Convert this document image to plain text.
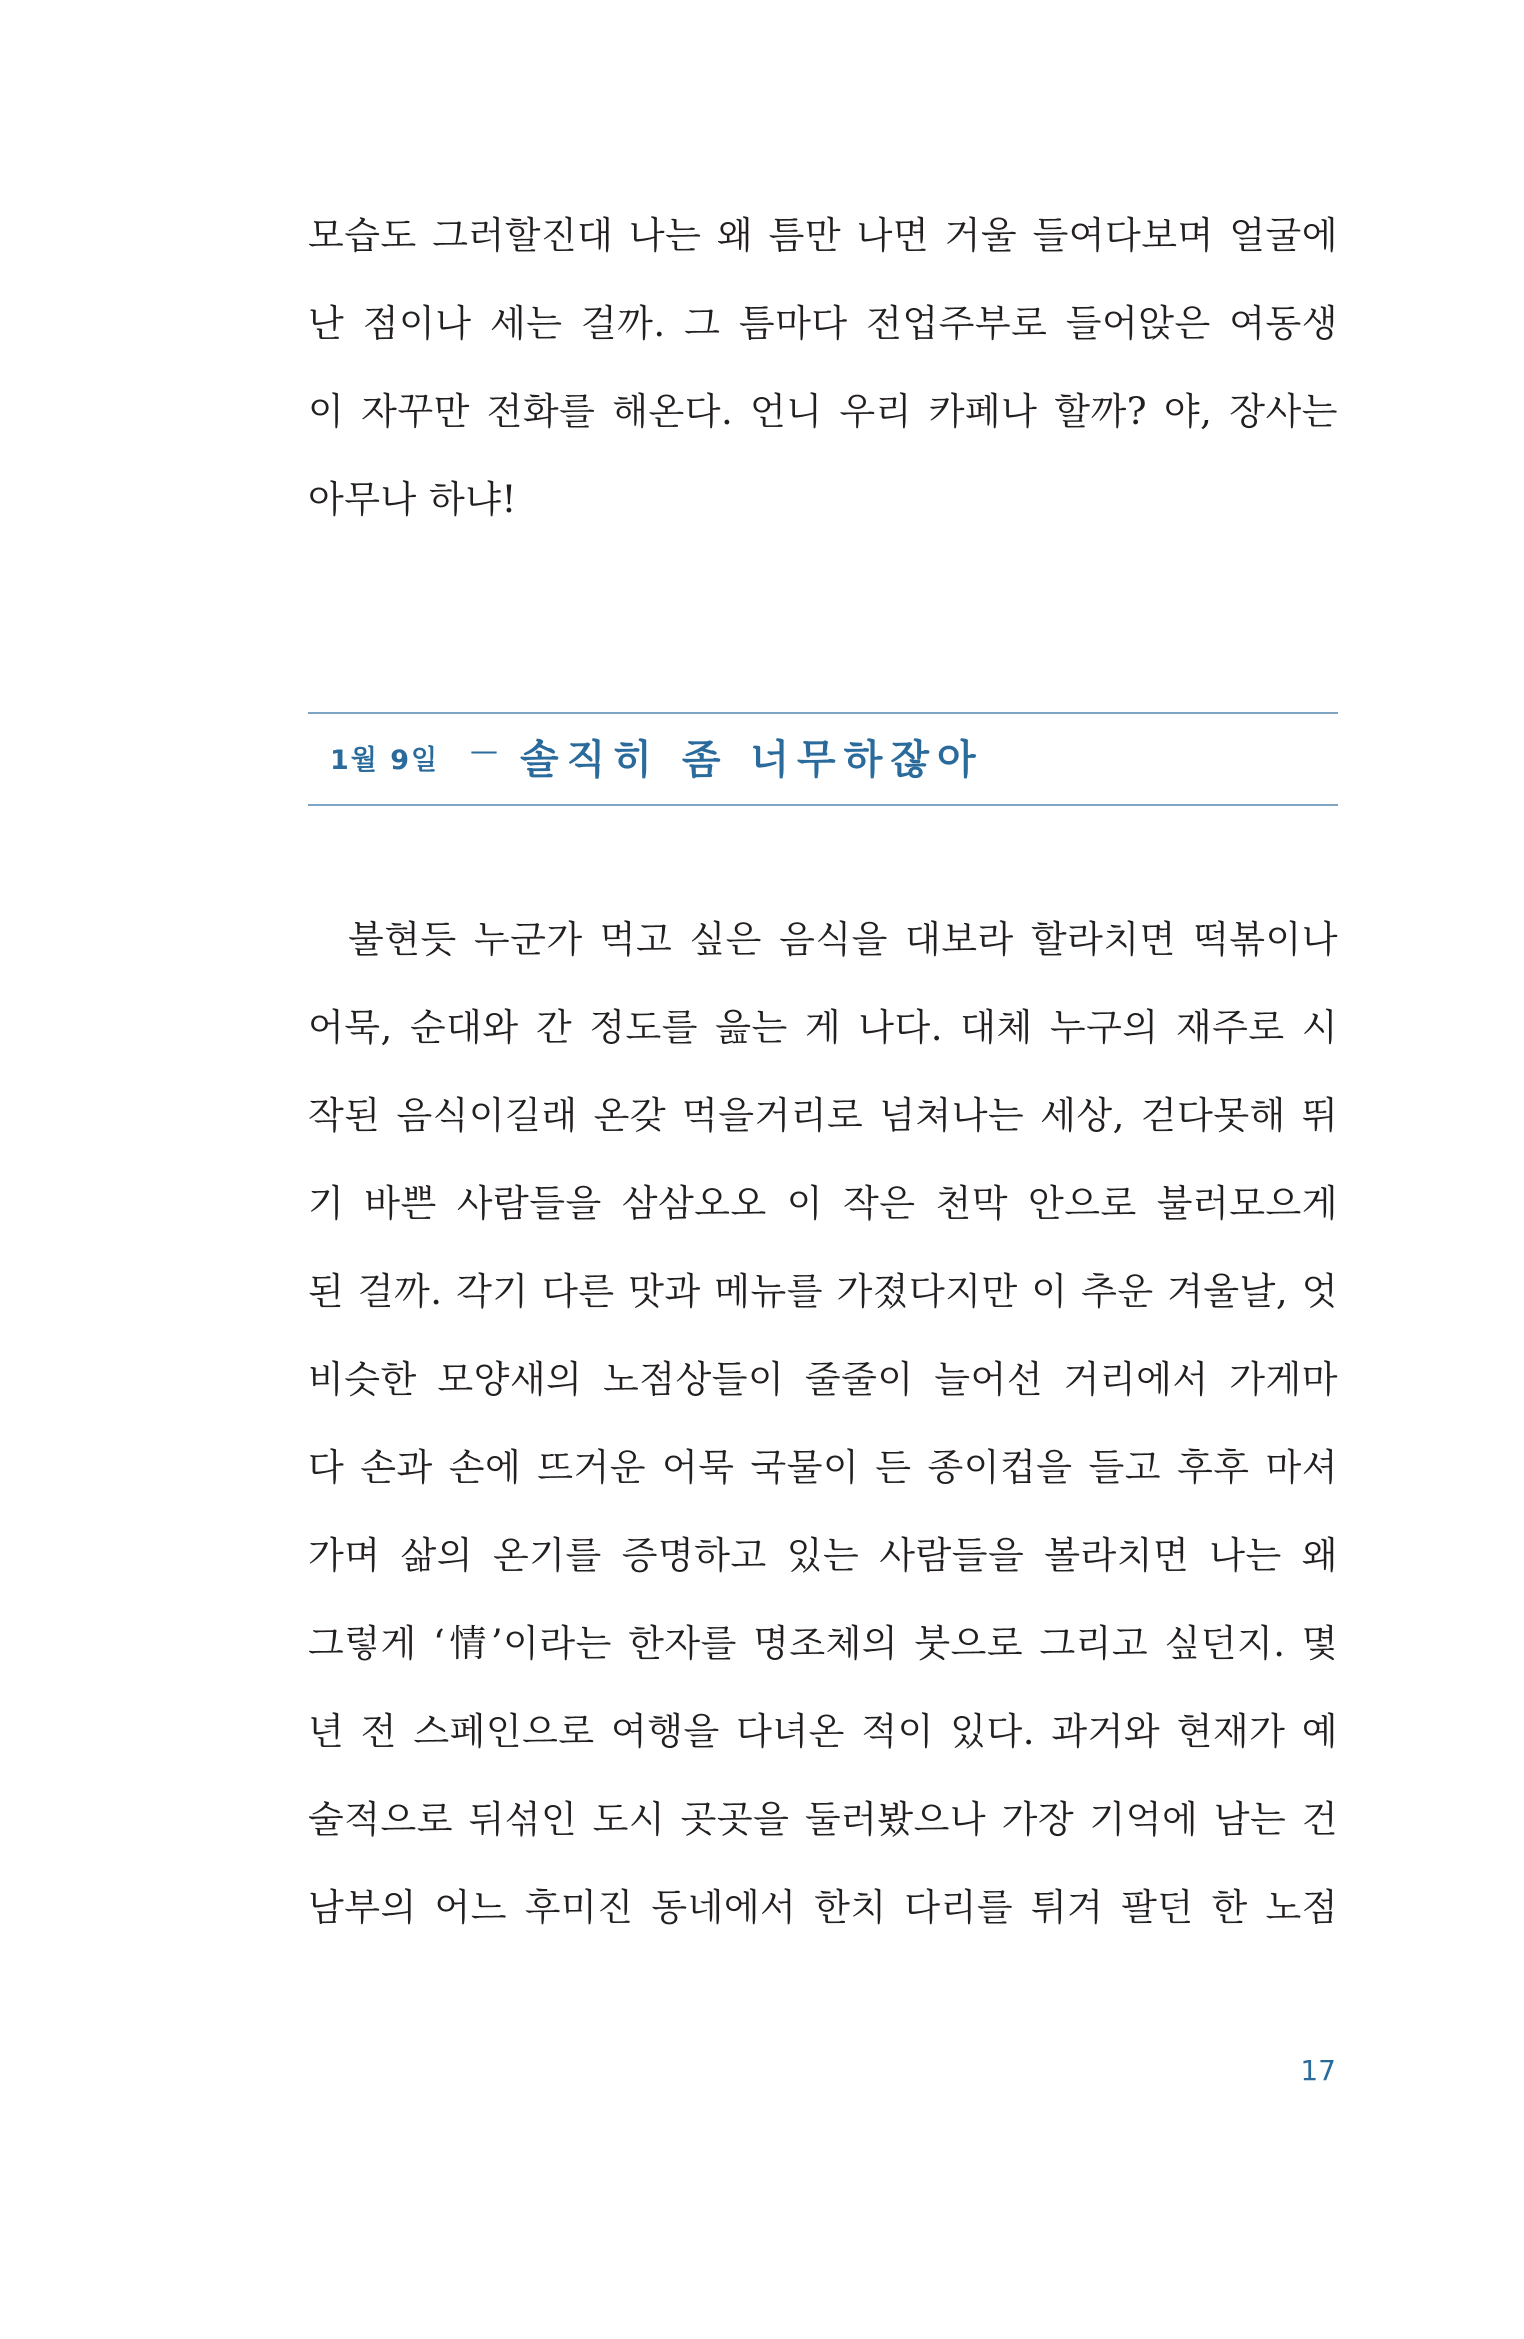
모습도 그러할진대 나는 왜 틈만 나면 거울 들여다보며 얼굴에
난 점이나 세는 걸까. 그 틈마다 전업주부로 들어앉은 여동생
이 자꾸만 전화를 해온다. 언니 우리 카페나 할까? 야, 장사는
아무나 하냐!
1월 9일 — 솔직히 좀 너무하잖아
불현듯 누군가 먹고 싶은 음식을 대보라 할라치면 떡볶이나
어묵, 순대와 간 정도를 읊는 게 나다. 대체 누구의 재주로 시
작된 음식이길래 온갖 먹을거리로 넘쳐나는 세상, 걷다못해 뛰
기 바쁜 사람들을 삼삼오오 이 작은 천막 안으로 불러모으게
된 걸까. 각기 다른 맛과 메뉴를 가졌다지만 이 추운 겨울날, 엇
비슷한 모양새의 노점상들이 줄줄이 늘어선 거리에서 가게마
다 손과 손에 뜨거운 어묵 국물이 든 종이컵을 들고 후후 마셔
가며 삶의 온기를 증명하고 있는 사람들을 볼라치면 나는 왜
그렇게 ‘情’이라는 한자를 명조체의 붓으로 그리고 싶던지. 몇
년 전 스페인으로 여행을 다녀온 적이 있다. 과거와 현재가 예
술적으로 뒤섞인 도시 곳곳을 둘러봤으나 가장 기억에 남는 건
남부의 어느 후미진 동네에서 한치 다리를 튀겨 팔던 한 노점
17
